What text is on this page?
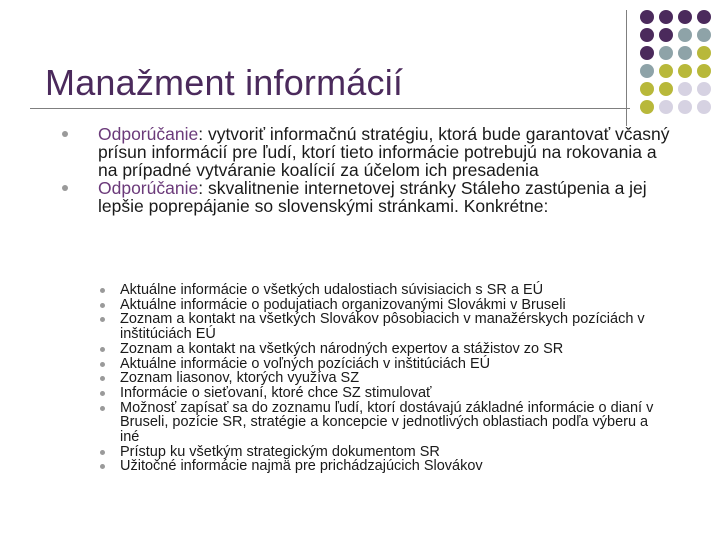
Manažment informácií
Odporúčanie: vytvoriť informačnú stratégiu, ktorá bude garantovať včasný prísun informácií pre ľudí, ktorí tieto informácie potrebujú na rokovania a na prípadné vytváranie koalícií za účelom ich presadenia
Odporúčanie: skvalitnenie internetovej stránky Stáleho zastúpenia a jej lepšie poprepájanie so slovenskými stránkami. Konkrétne:
Aktuálne informácie o všetkých udalostiach súvisiacich s SR a EÚ
Aktuálne informácie o podujatiach organizovanými Slovákmi v Bruseli
Zoznam a kontakt na všetkých Slovákov pôsobiacich v manažérskych pozíciách v inštitúciách EÚ
Zoznam a kontakt na všetkých národných expertov a stážistov zo SR
Aktuálne informácie o voľných pozíciách v inštitúciách EÚ
Zoznam liasonov, ktorých využíva SZ
Informácie o sieťovaní, ktoré chce SZ stimulovať
Možnosť zapísať sa do zoznamu ľudí, ktorí dostávajú základné informácie o dianí v Bruseli, pozície SR, stratégie a koncepcie v jednotlivých oblastiach podľa výberu a iné
Prístup ku všetkým strategickým dokumentom SR
Užitočné informácie najmä pre prichádzajúcich Slovákov
